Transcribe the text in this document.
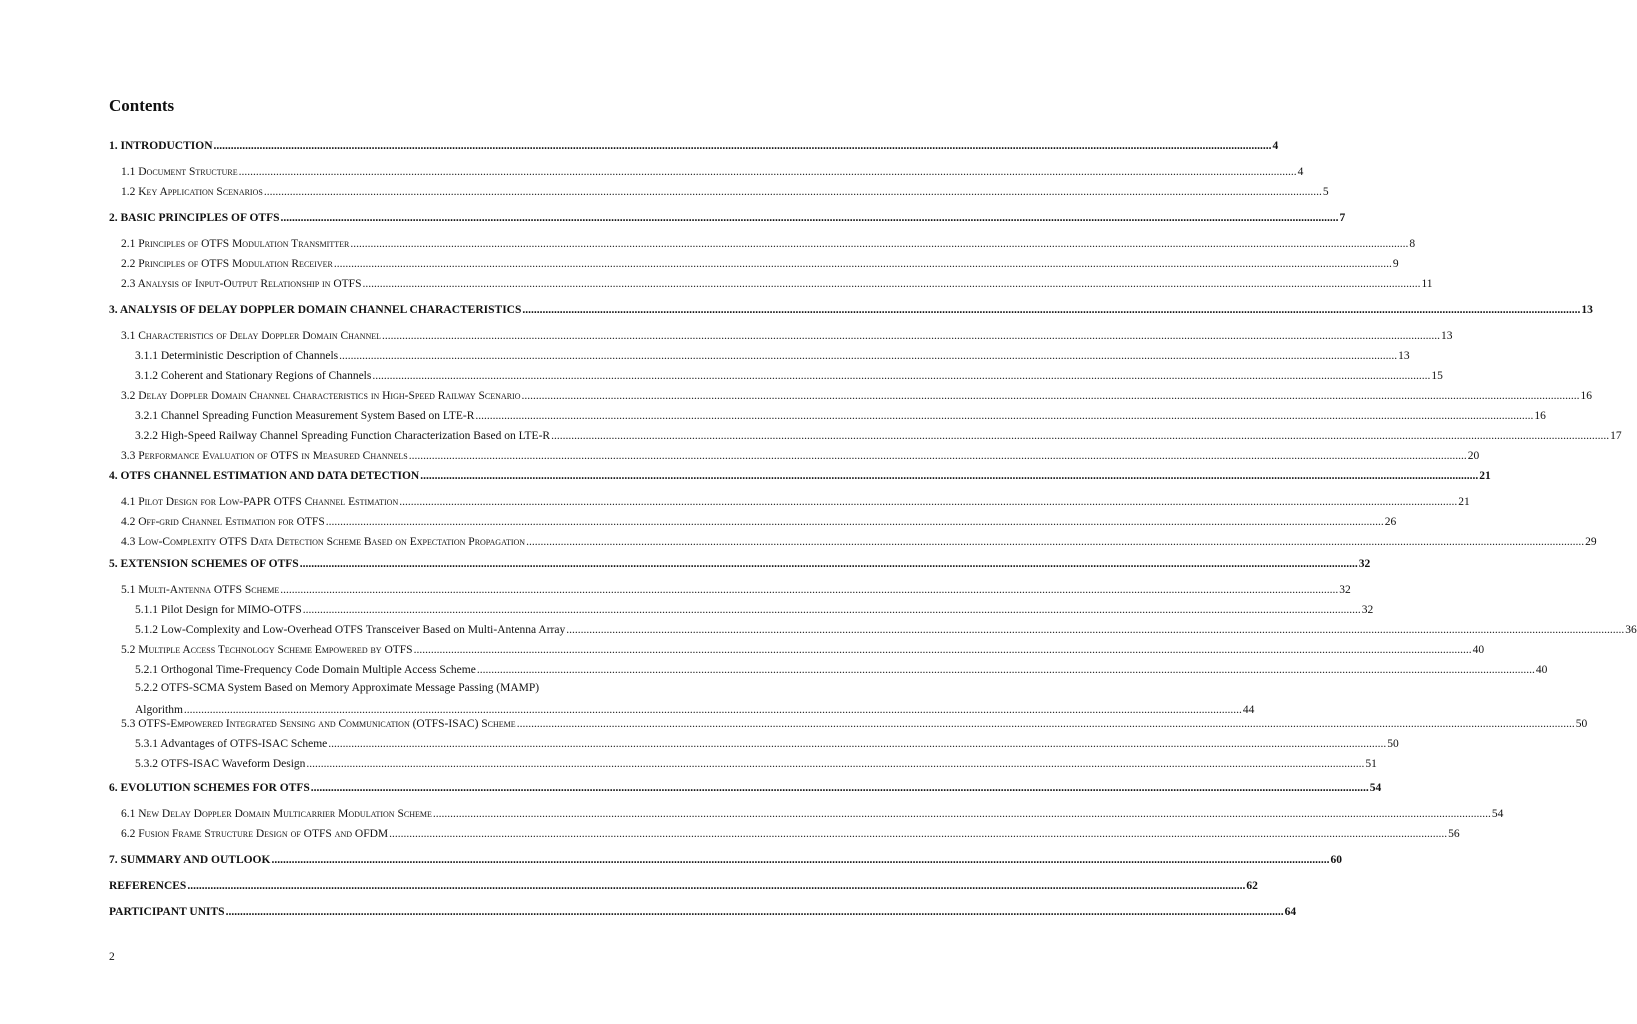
Contents
1. INTRODUCTION .....	4
1.1 Document Structure .....	4
1.2 Key Application Scenarios .....	5
2. BASIC PRINCIPLES OF OTFS .....	7
2.1 Principles of OTFS Modulation Transmitter .....	8
2.2 Principles of OTFS Modulation Receiver .....	9
2.3 Analysis of Input-Output Relationship in OTFS .....	11
3. ANALYSIS OF DELAY DOPPLER DOMAIN CHANNEL CHARACTERISTICS .....	13
3.1 Characteristics of Delay Doppler Domain Channel .....	13
3.1.1 Deterministic Description of Channels .....	13
3.1.2 Coherent and Stationary Regions of Channels .....	15
3.2 Delay Doppler Domain Channel Characteristics in High-Speed Railway Scenario .....	16
3.2.1 Channel Spreading Function Measurement System Based on LTE-R .....	16
3.2.2 High-Speed Railway Channel Spreading Function Characterization Based on LTE-R .....	17
3.3 Performance Evaluation of OTFS in Measured Channels .....	20
4. OTFS CHANNEL ESTIMATION AND DATA DETECTION .....	21
4.1 Pilot Design for Low-PAPR OTFS Channel Estimation .....	21
4.2 Off-grid Channel Estimation for OTFS .....	26
4.3 Low-Complexity OTFS Data Detection Scheme Based on Expectation Propagation .....	29
5. EXTENSION SCHEMES OF OTFS .....	32
5.1 Multi-Antenna OTFS Scheme .....	32
5.1.1 Pilot Design for MIMO-OTFS .....	32
5.1.2 Low-Complexity and Low-Overhead OTFS Transceiver Based on Multi-Antenna Array .....	36
5.2 Multiple Access Technology Scheme Empowered by OTFS .....	40
5.2.1 Orthogonal Time-Frequency Code Domain Multiple Access Scheme .....	40
5.2.2 OTFS-SCMA System Based on Memory Approximate Message Passing (MAMP)
Algorithm .....	44
5.3 OTFS-Empowered Integrated Sensing and Communication (OTFS-ISAC) Scheme .....	50
5.3.1 Advantages of OTFS-ISAC Scheme .....	50
5.3.2 OTFS-ISAC Waveform Design .....	51
6. EVOLUTION SCHEMES FOR OTFS .....	54
6.1 New Delay Doppler Domain Multicarrier Modulation Scheme .....	54
6.2 Fusion Frame Structure Design of OTFS and OFDM .....	56
7. SUMMARY AND OUTLOOK .....	60
REFERENCES .....	62
PARTICIPANT UNITS .....	64
2
